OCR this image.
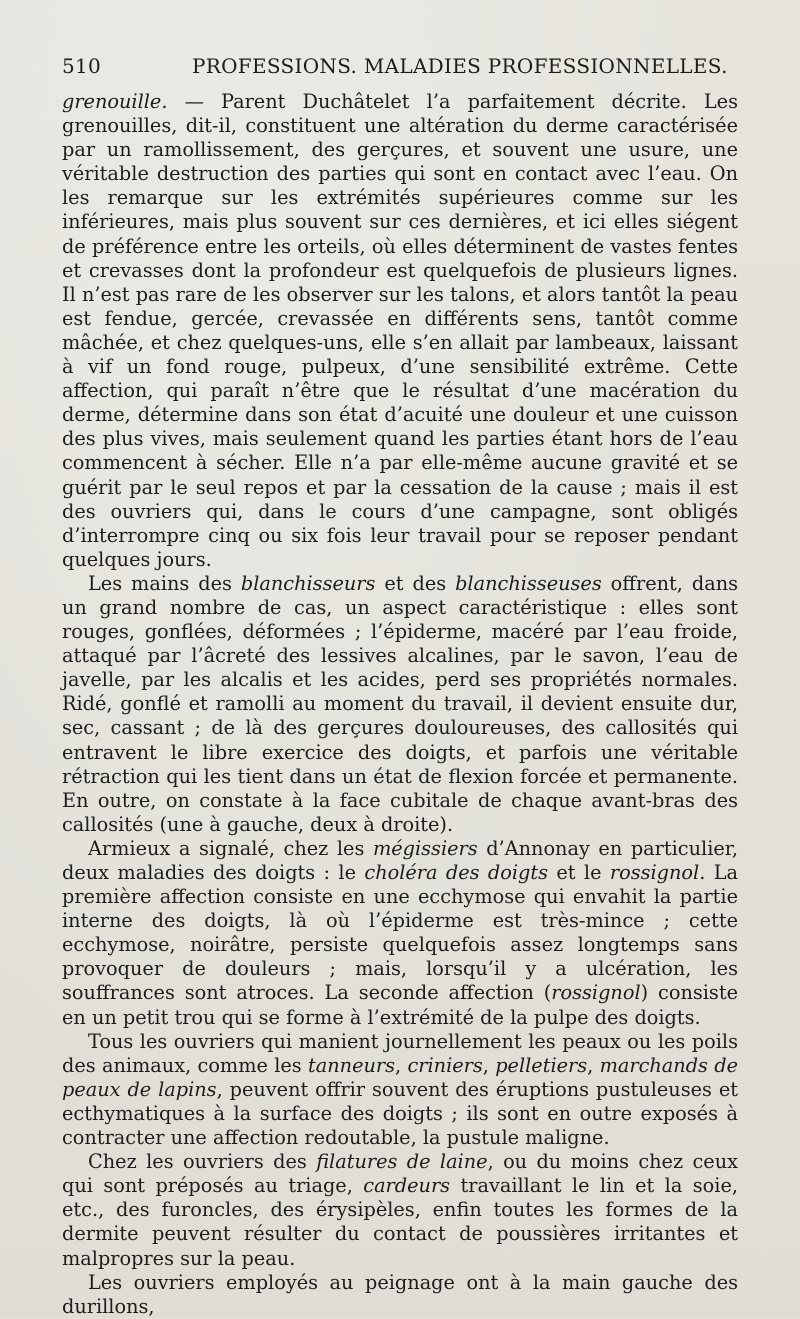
510	PROFESSIONS. MALADIES PROFESSIONNELLES.

grenouille. — Parent Duchâtelet l’a parfaitement décrite. Les grenouilles, dit-il, constituent une altération du derme caractérisée par un ramollissement, des gerçures, et souvent une usure, une véritable destruction des parties qui sont en contact avec l’eau. On les remarque sur les extrémités supérieures comme sur les inférieures, mais plus souvent sur ces dernières, et ici elles siégent de préférence entre les orteils, où elles déterminent de vastes fentes et crevasses dont la profondeur est quelquefois de plusieurs lignes. Il n’est pas rare de les observer sur les talons, et alors tantôt la peau est fendue, gercée, crevassée en différents sens, tantôt comme mâchée, et chez quelques-uns, elle s’en allait par lambeaux, laissant à vif un fond rouge, pulpeux, d’une sensibilité extrême. Cette affection, qui paraît n’être que le résultat d’une macération du derme, détermine dans son état d’acuité une douleur et une cuisson des plus vives, mais seulement quand les parties étant hors de l’eau commencent à sécher. Elle n’a par elle-même aucune gravité et se guérit par le seul repos et par la cessation de la cause ; mais il est des ouvriers qui, dans le cours d’une campagne, sont obligés d’interrompre cinq ou six fois leur travail pour se reposer pendant quelques jours.

Les mains des blanchisseurs et des blanchisseuses offrent, dans un grand nombre de cas, un aspect caractéristique : elles sont rouges, gonflées, déformées ; l’épiderme, macéré par l’eau froide, attaqué par l’âcreté des lessives alcalines, par le savon, l’eau de javelle, par les alcalis et les acides, perd ses propriétés normales. Ridé, gonflé et ramolli au moment du travail, il devient ensuite dur, sec, cassant ; de là des gerçures douloureuses, des callosités qui entravent le libre exercice des doigts, et parfois une véritable rétraction qui les tient dans un état de flexion forcée et permanente. En outre, on constate à la face cubitale de chaque avant-bras des callosités (une à gauche, deux à droite).

Armieux a signalé, chez les mégissiers d’Annonay en particulier, deux maladies des doigts : le choléra des doigts et le rossignol. La première affection consiste en une ecchymose qui envahit la partie interne des doigts, là où l’épiderme est très-mince ; cette ecchymose, noirâtre, persiste quelquefois assez longtemps sans provoquer de douleurs ; mais, lorsqu’il y a ulcération, les souffrances sont atroces. La seconde affection (rossignol) consiste en un petit trou qui se forme à l’extrémité de la pulpe des doigts.

Tous les ouvriers qui manient journellement les peaux ou les poils des animaux, comme les tanneurs, criniers, pelletiers, marchands de peaux de lapins, peuvent offrir souvent des éruptions pustuleuses et ecthymatiques à la surface des doigts ; ils sont en outre exposés à contracter une affection redoutable, la pustule maligne.

Chez les ouvriers des filatures de laine, ou du moins chez ceux qui sont préposés au triage, cardeurs travaillant le lin et la soie, etc., des furoncles, des érysipèles, enfin toutes les formes de la dermite peuvent résulter du contact de poussières irritantes et malpropres sur la peau.

Les ouvriers employés au peignage ont à la main gauche des durillons,
